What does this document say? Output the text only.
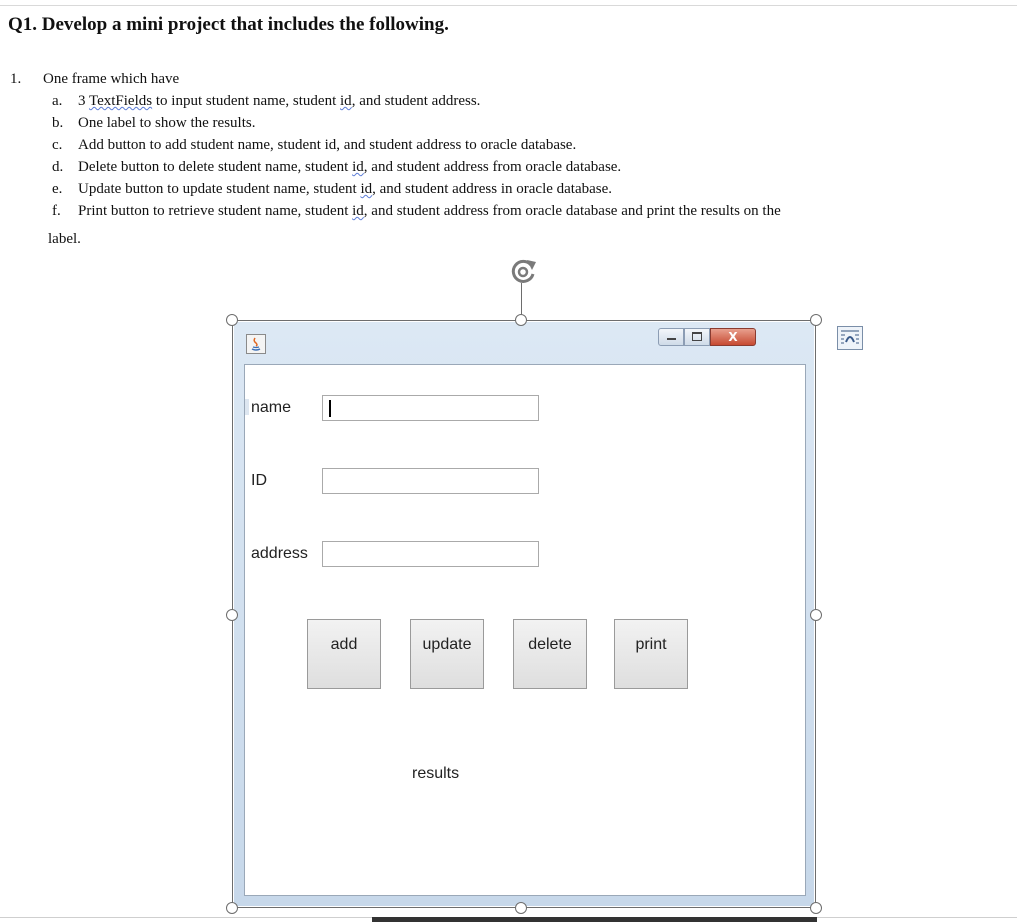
Q1. Develop a mini project that includes the following.
1. One frame which have
a. 3 TextFields to input student name, student id, and student address.
b. One label to show the results.
c. Add button to add student name, student id, and student address to oracle database.
d. Delete button to delete student name, student id, and student address from oracle database.
e. Update button to update student name, student id, and student address in oracle database.
f. Print button to retrieve student name, student id, and student address from oracle database and print the results on the
label.
X
name
ID
address
add	update	delete	print
results
